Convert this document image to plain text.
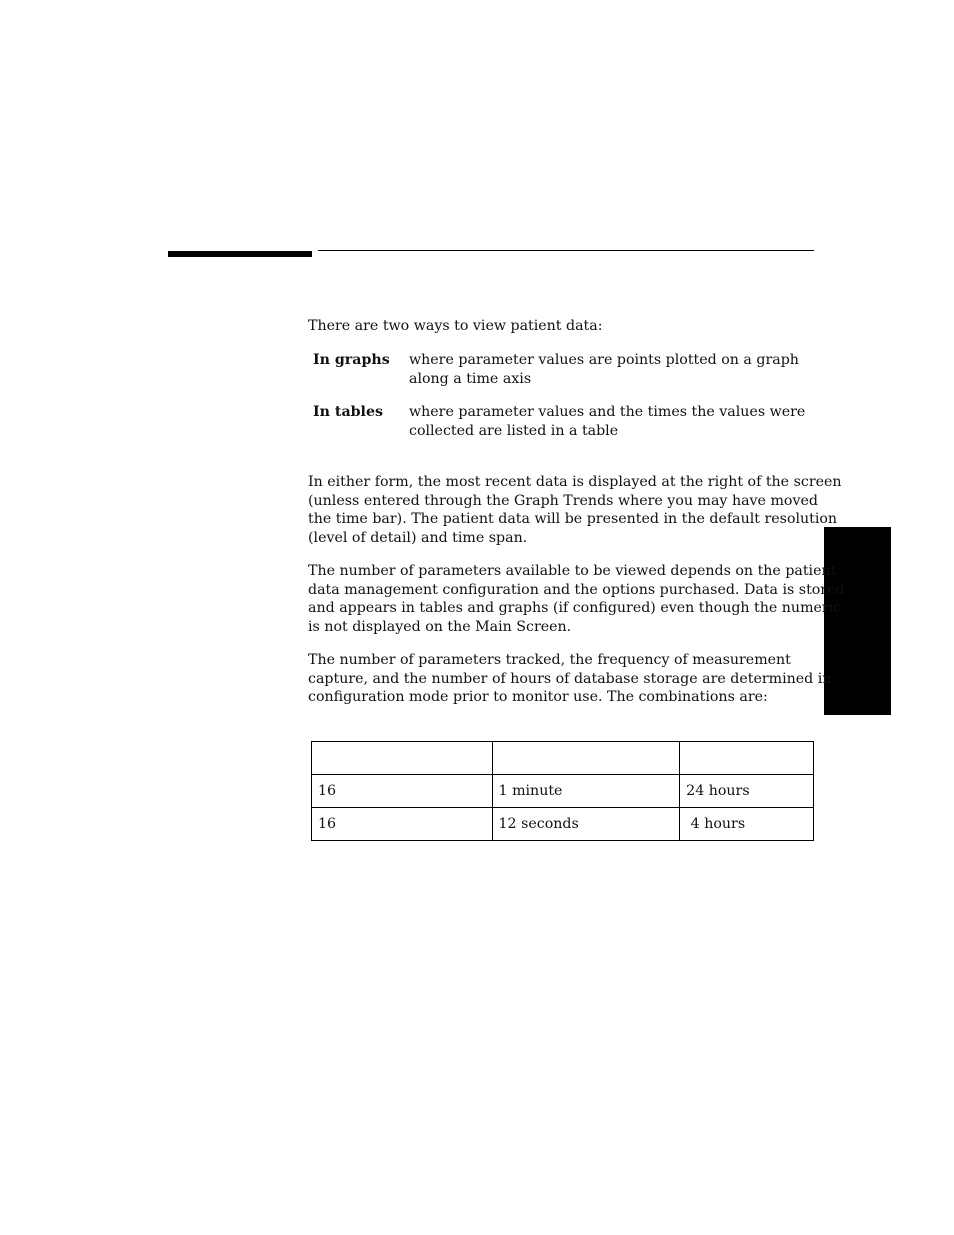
There are two ways to view patient data:

In graphs where parameter values are points plotted on a graph
along a time axis
In tables where parameter values and the times the values were
collected are listed in a table

In either form, the most recent data is displayed at the right of the screen
(unless entered through the Graph Trends where you may have moved
the time bar). The patient data will be presented in the default resolution
(level of detail) and time span.

The number of parameters available to be viewed depends on the patient
data management configuration and the options purchased. Data is stored
and appears in tables and graphs (if configured) even though the numeric
is not displayed on the Main Screen.

The number of parameters tracked, the frequency of measurement
capture, and the number of hours of database storage are determined in
configuration mode prior to monitor use. The combinations are:

16	1 minute	24 hours
16	12 seconds	4 hours
